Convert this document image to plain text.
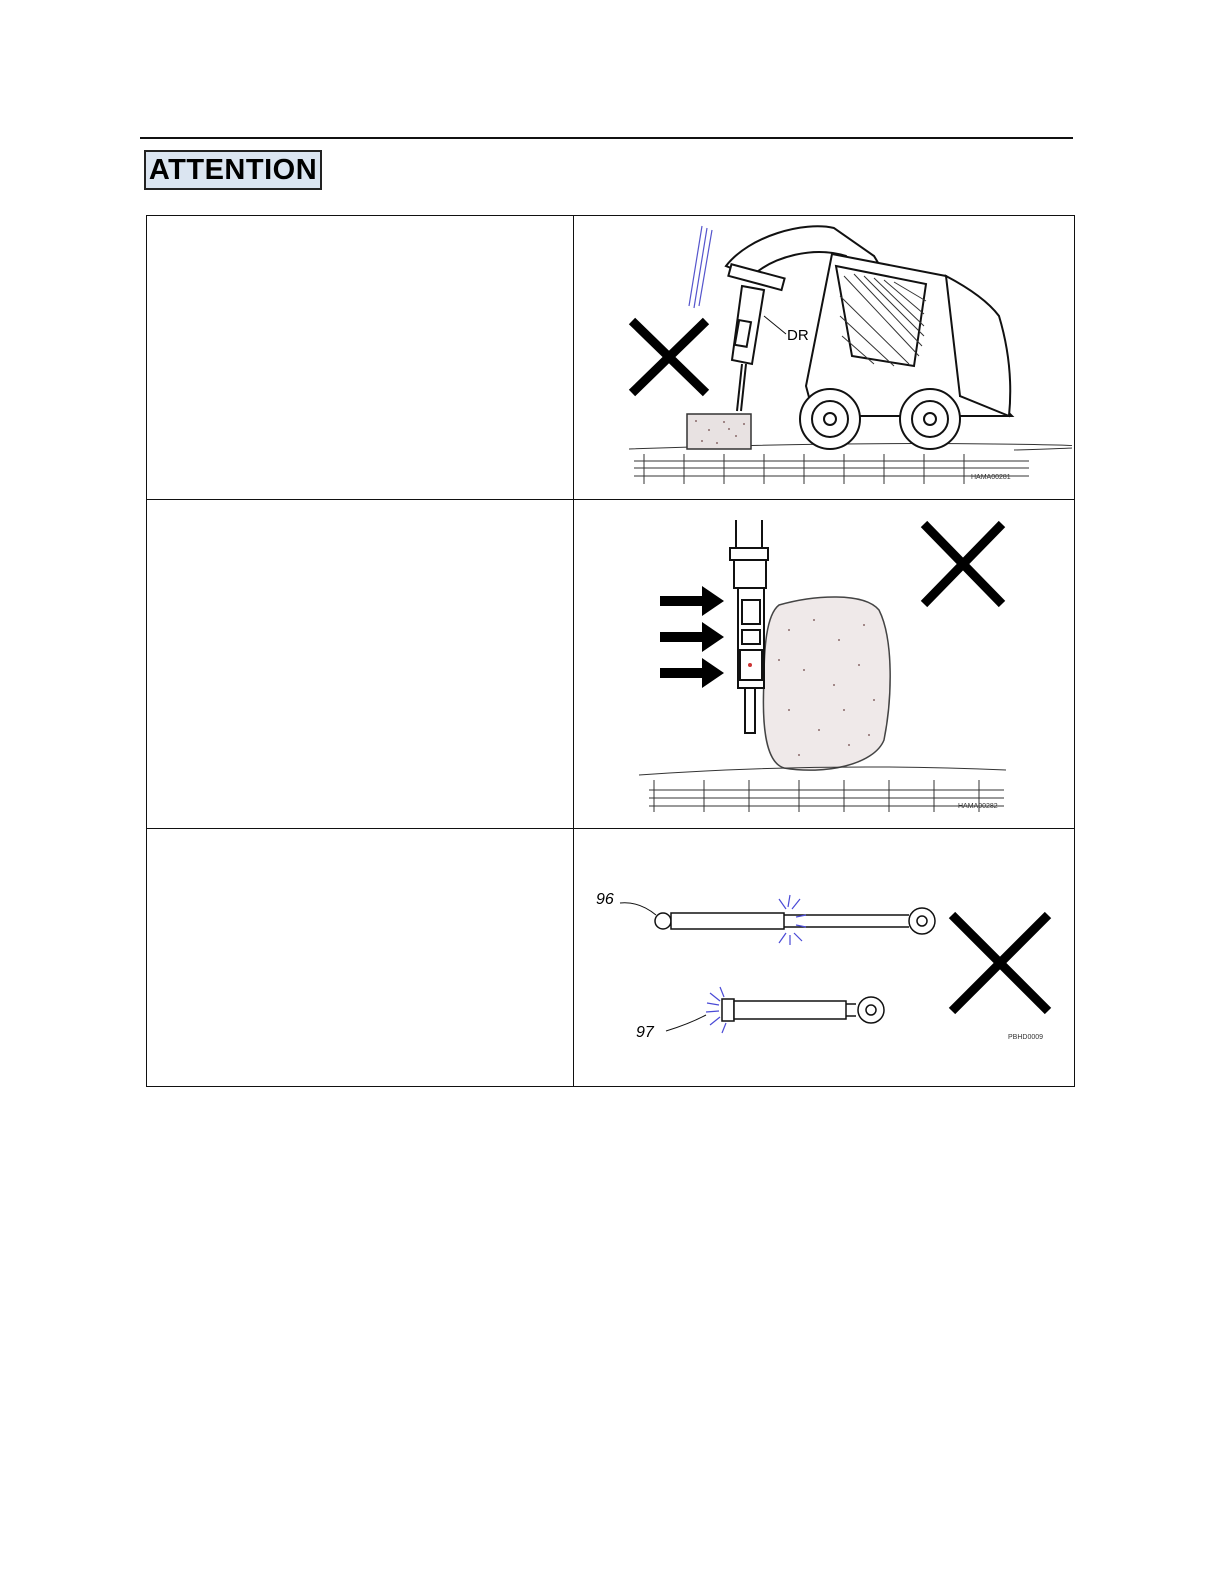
ATTENTION

DR
HAMA00281

HAMA00282

96
97 PBHD0009
